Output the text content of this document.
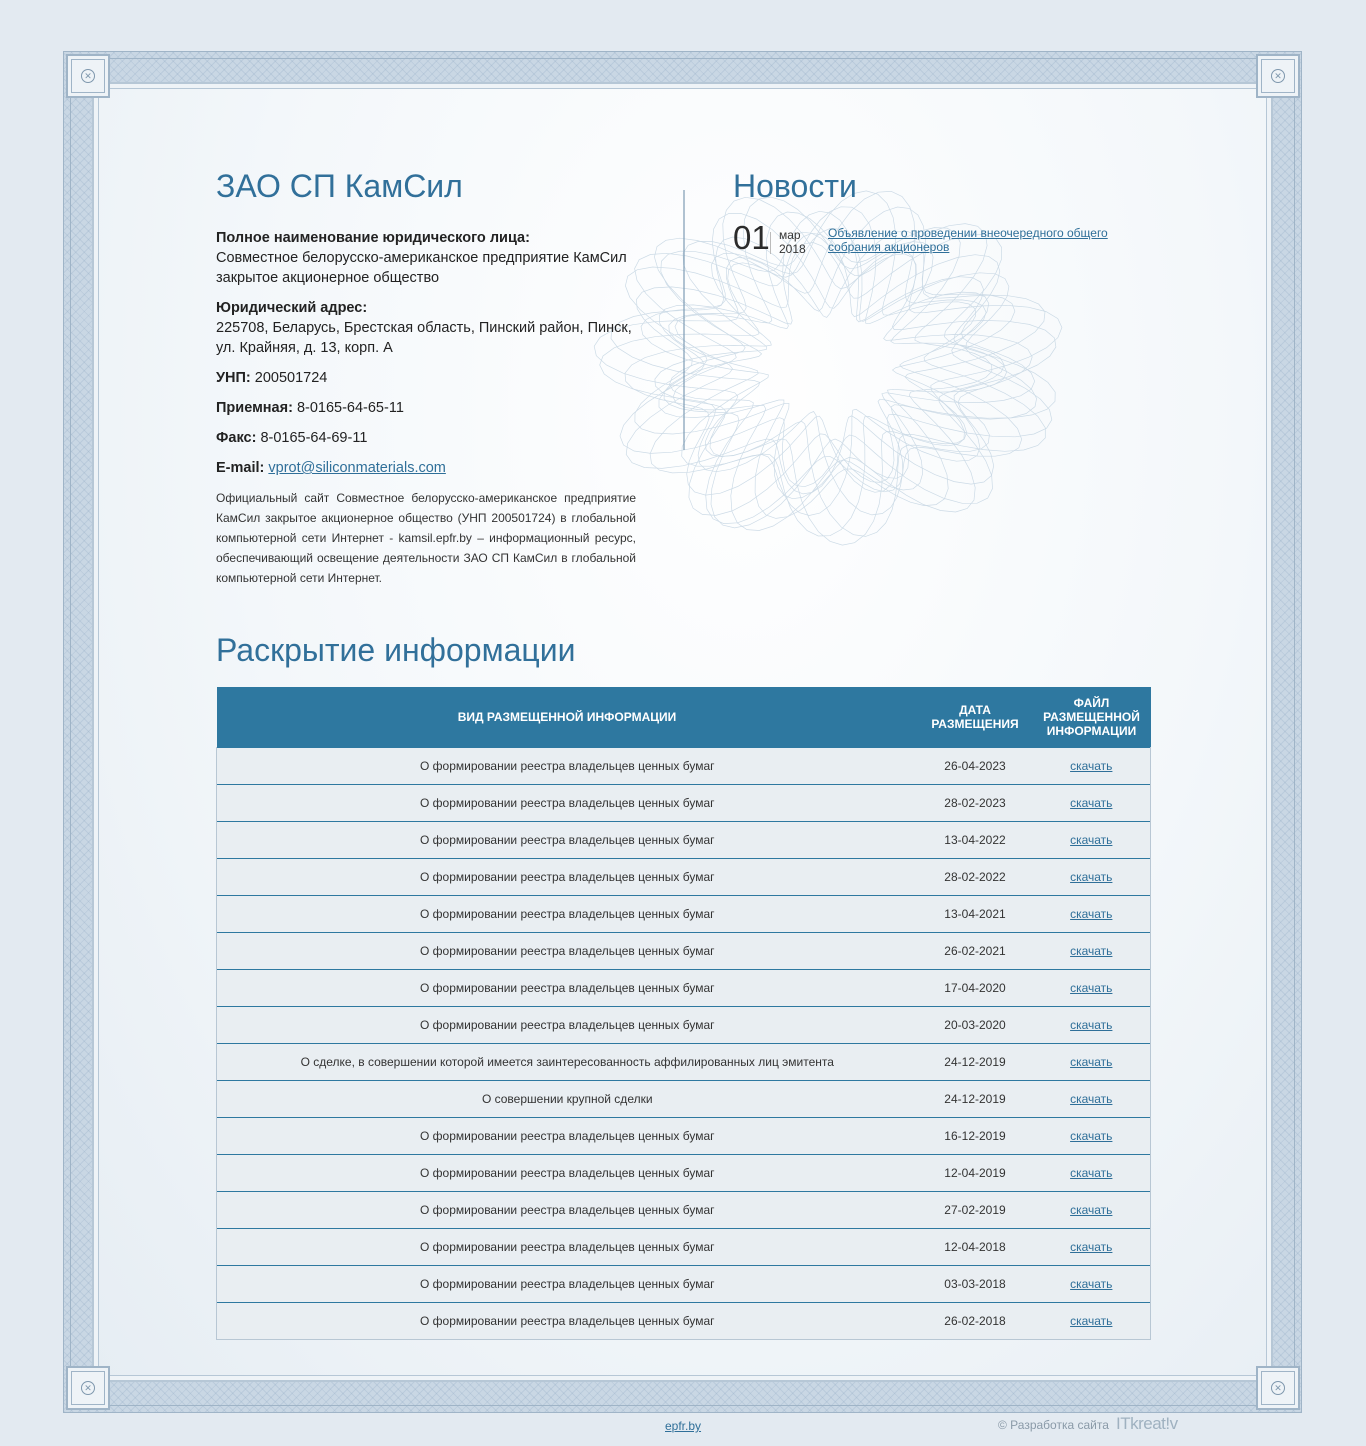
✕	✕
✕	✕
ЗАО СП КамСил
Полное наименование юридического лица:
Совместное белорусско-американское предприятие КамСил закрытое акционерное общество
Юридический адрес:
225708, Беларусь, Брестская область, Пинский район, Пинск, ул. Крайняя, д. 13, корп. А
УНП: 200501724
Приемная: 8-0165-64-65-11
Факс: 8-0165-64-69-11
E-mail: vprot@siliconmaterials.com
Официальный сайт Совместное белорусско-американское предприятие КамСил закрытое акционерное общество (УНП 200501724) в глобальной компьютерной сети Интернет - kamsil.epfr.by – информационный ресурс, обеспечивающий освещение деятельности ЗАО СП КамСил в глобальной компьютерной сети Интернет.
Новости
01 мар
2018
Объявление о проведении внеочередного общего собрания акционеров
Раскрытие информации
ВИД РАЗМЕЩЕННОЙ ИНФОРМАЦИИ	ДАТА РАЗМЕЩЕНИЯ	ФАЙЛ РАЗМЕЩЕННОЙ ИНФОРМАЦИИ
О формировании реестра владельцев ценных бумаг	26-04-2023	скачать
О формировании реестра владельцев ценных бумаг	28-02-2023	скачать
О формировании реестра владельцев ценных бумаг	13-04-2022	скачать
О формировании реестра владельцев ценных бумаг	28-02-2022	скачать
О формировании реестра владельцев ценных бумаг	13-04-2021	скачать
О формировании реестра владельцев ценных бумаг	26-02-2021	скачать
О формировании реестра владельцев ценных бумаг	17-04-2020	скачать
О формировании реестра владельцев ценных бумаг	20-03-2020	скачать
О сделке, в совершении которой имеется заинтересованность аффилированных лиц эмитента	24-12-2019	скачать
О совершении крупной сделки	24-12-2019	скачать
О формировании реестра владельцев ценных бумаг	16-12-2019	скачать
О формировании реестра владельцев ценных бумаг	12-04-2019	скачать
О формировании реестра владельцев ценных бумаг	27-02-2019	скачать
О формировании реестра владельцев ценных бумаг	12-04-2018	скачать
О формировании реестра владельцев ценных бумаг	03-03-2018	скачать
О формировании реестра владельцев ценных бумаг	26-02-2018	скачать
epfr.by	© Разработка сайта ITkreat!v
